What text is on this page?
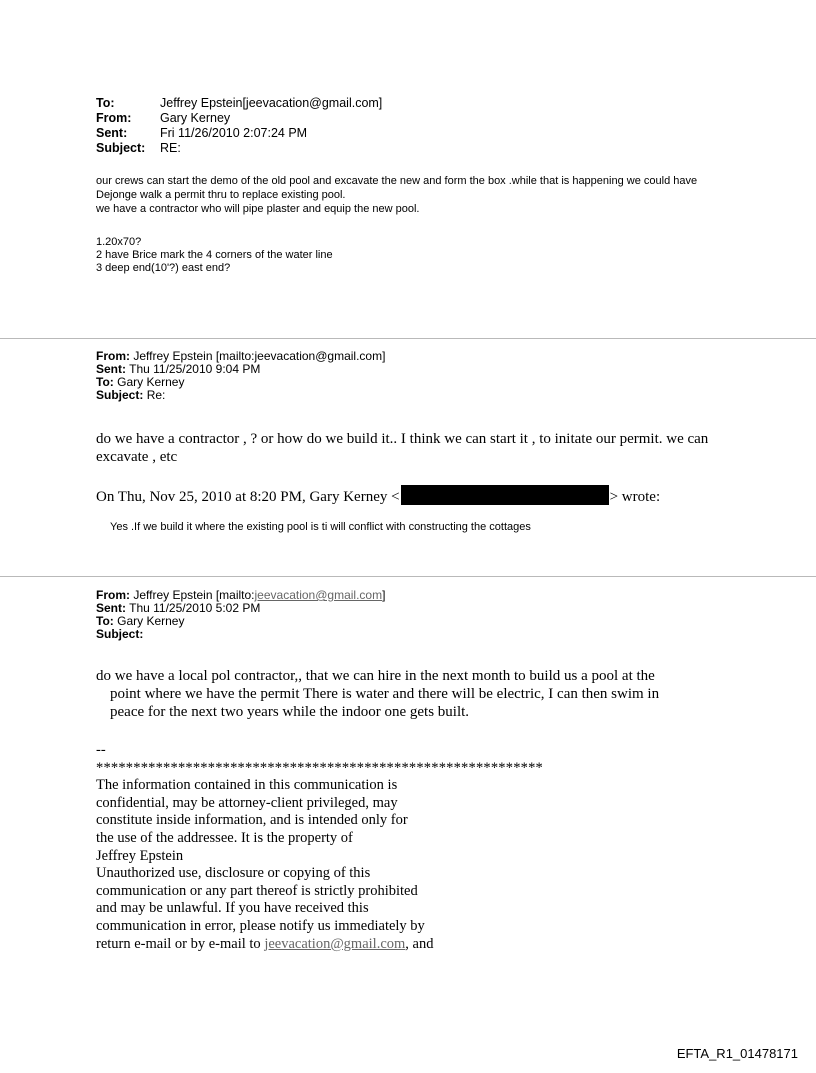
To:	Jeffrey Epstein[jeevacation@gmail.com]
From:	Gary Kerney
Sent:	Fri 11/26/2010 2:07:24 PM
Subject:	RE:
our crews can start the demo of the old pool and excavate the new and form the box .while that is happening we could have Dejonge walk a permit thru to replace existing pool.
we have a contractor who will pipe plaster and equip the new pool.
1.20x70?
2 have Brice mark the 4 corners of the water line
3 deep end(10'?) east end?
From: Jeffrey Epstein [mailto:jeevacation@gmail.com]
Sent: Thu 11/25/2010 9:04 PM
To: Gary Kerney
Subject: Re:
do we have a contractor , ? or how do we build it.. I think we can start it , to initate our permit. we can excavate , etc
On Thu, Nov 25, 2010 at 8:20 PM, Gary Kerney <	> wrote:
Yes .If we build it where the existing pool is ti will conflict with constructing the cottages
From: Jeffrey Epstein [mailto:jeevacation@gmail.com]
Sent: Thu 11/25/2010 5:02 PM
To: Gary Kerney
Subject:

do we have a local pol contractor,, that we can hire in the next month to build us a pool at the

point where we have the permit There is water and there will be electric, I can then swim in

peace for the next two years while the indoor one gets built.

--
************************************************************
The information contained in this communication is
confidential, may be attorney-client privileged, may
constitute inside information, and is intended only for
the use of the addressee. It is the property of
Jeffrey Epstein
Unauthorized use, disclosure or copying of this
communication or any part thereof is strictly prohibited
and may be unlawful. If you have received this
communication in error, please notify us immediately by
return e-mail or by e-mail to jeevacation@gmail.com, and
EFTA_R1_01478171
